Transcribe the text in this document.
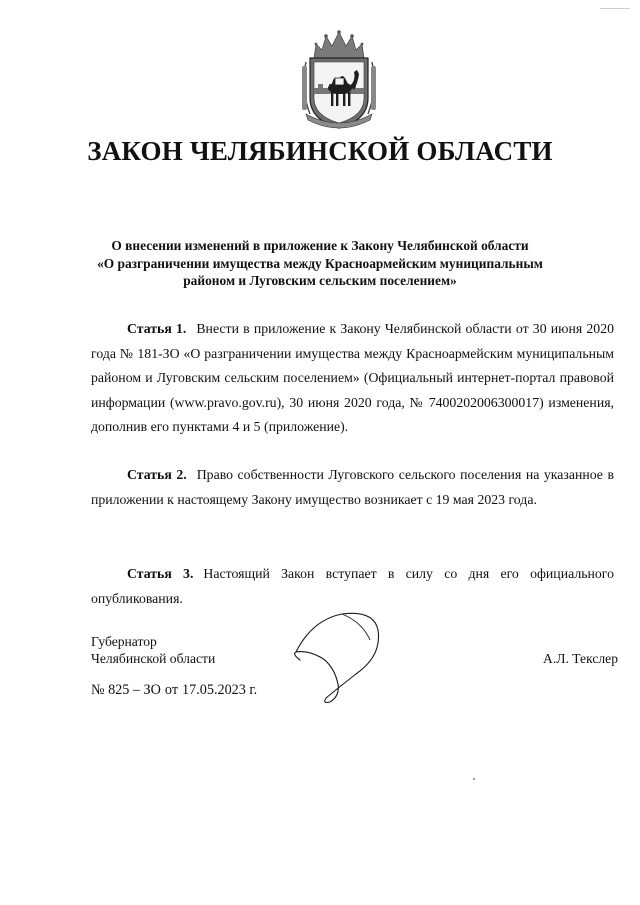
ЗАКОН ЧЕЛЯБИНСКОЙ ОБЛАСТИ
О внесении изменений в приложение к Закону Челябинской области
«О разграничении имущества между Красноармейским муниципальным
районом и Луговским сельским поселением»
Статья 1. Внести в приложение к Закону Челябинской области от 30 июня 2020 года № 181-ЗО «О разграничении имущества между Красноармейским муниципальным районом и Луговским сельским поселением» (Официальный интернет-портал правовой информации (www.pravo.gov.ru), 30 июня 2020 года, № 7400202006300017) изменения, дополнив его пунктами 4 и 5 (приложение).
Статья 2. Право собственности Луговского сельского поселения на указанное в приложении к настоящему Закону имущество возникает с 19 мая 2023 года.
Статья 3. Настоящий Закон вступает в силу со дня его официального опубликования.
Губернатор
Челябинской области	А.Л. Текслер
№ 825 – ЗО от 17.05.2023 г.
